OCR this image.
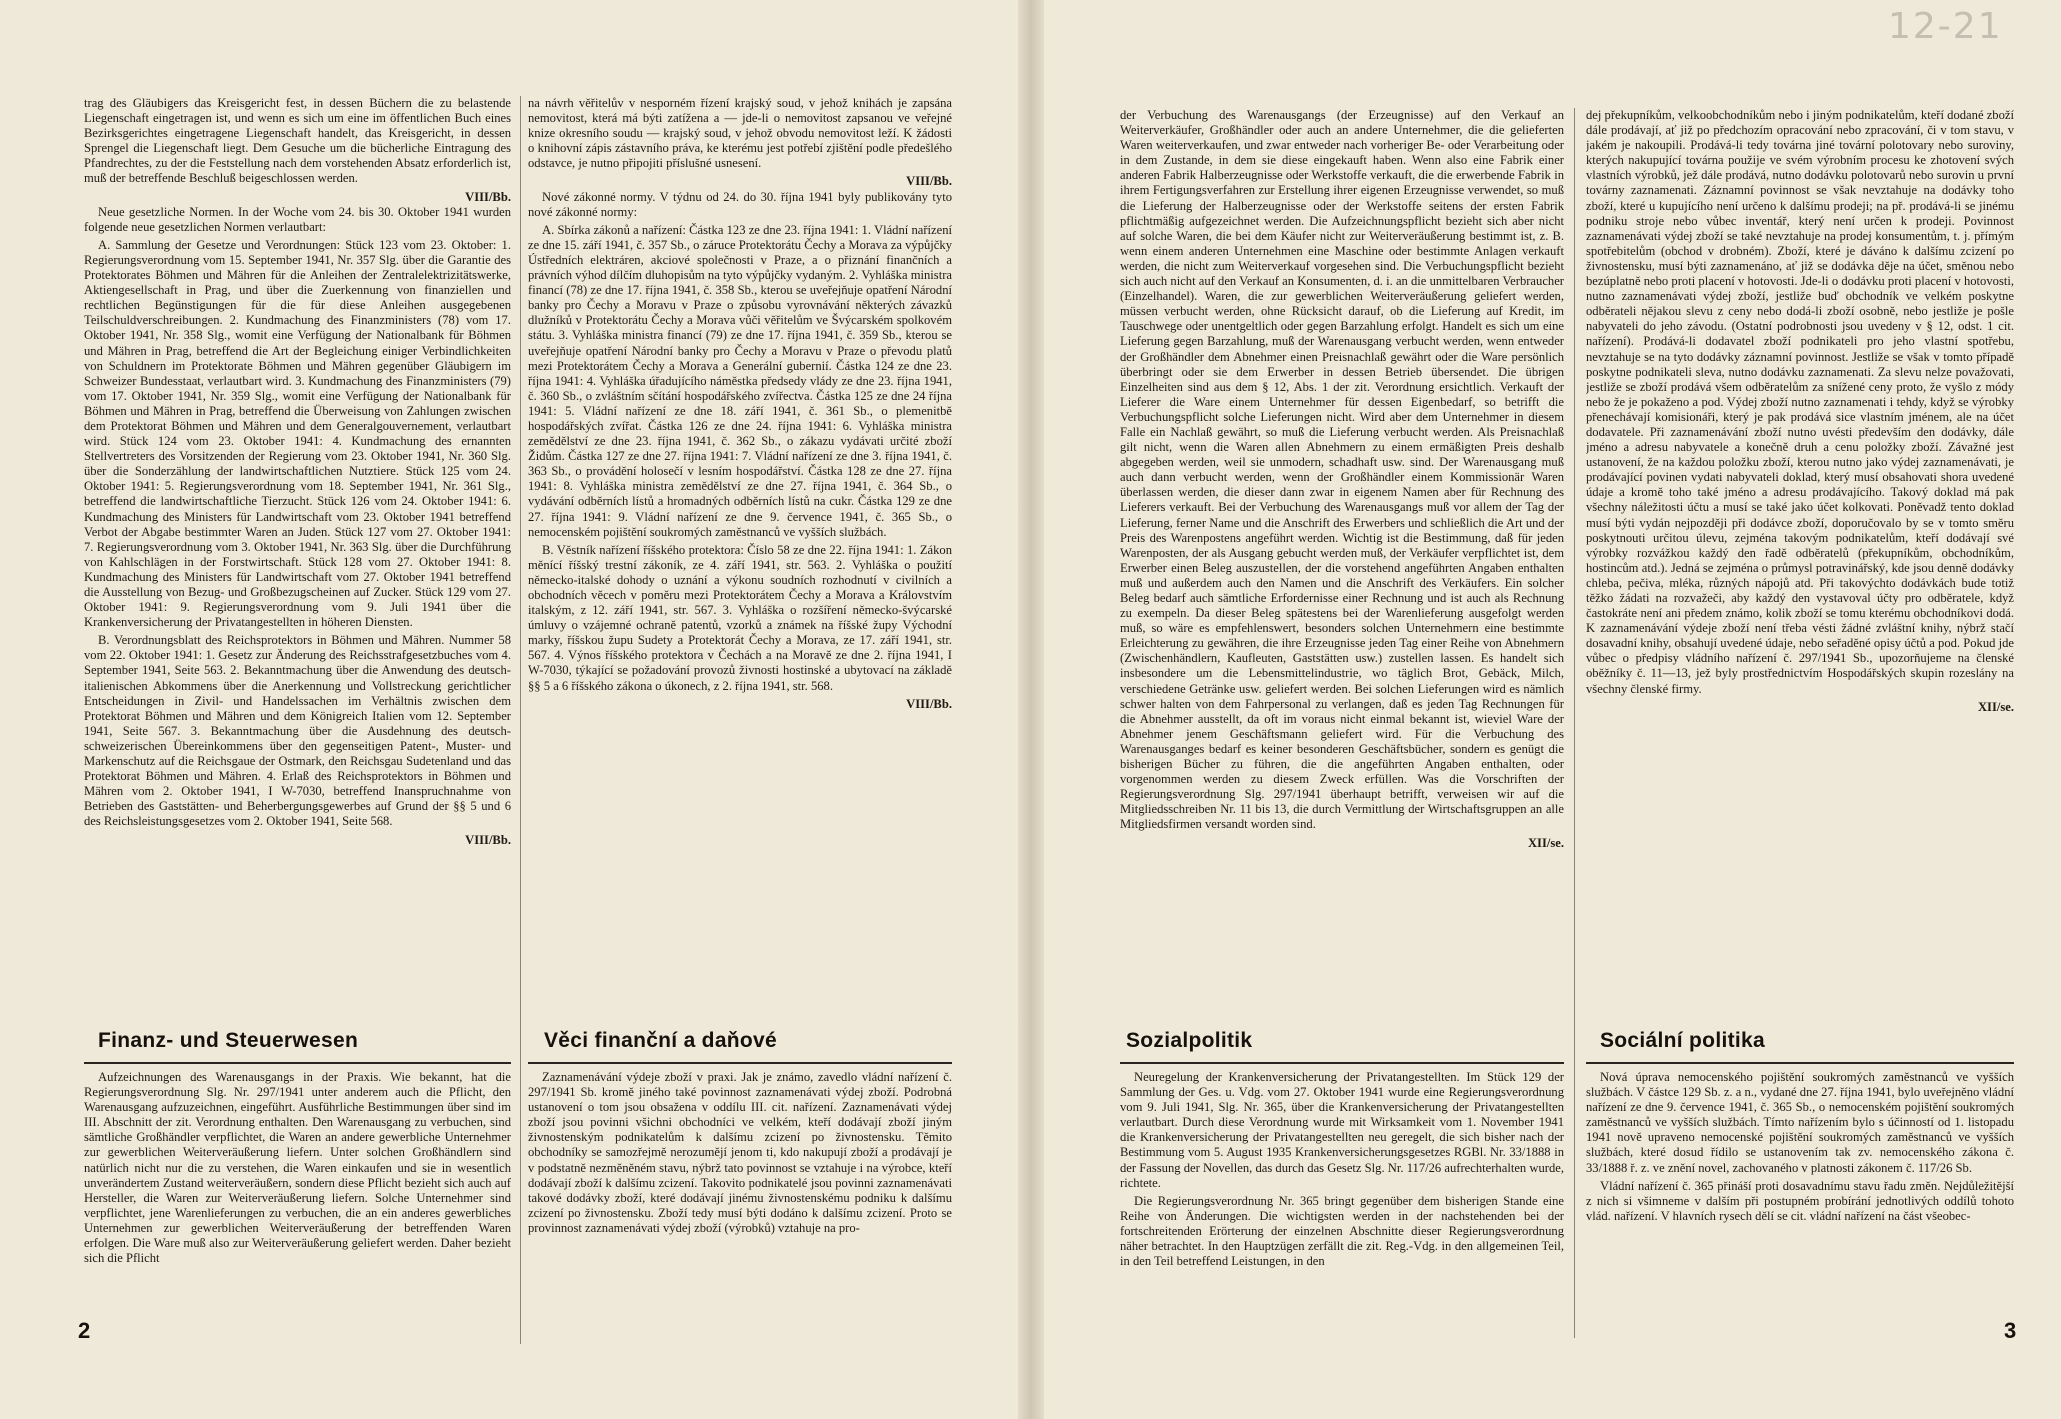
12-21

trag des Gläubigers das Kreisgericht fest, in dessen Büchern die zu belastende Liegenschaft eingetragen ist, und wenn es sich um eine im öffentlichen Buch eines Bezirksgerichtes eingetragene Liegenschaft handelt, das Kreisgericht, in dessen Sprengel die Liegenschaft liegt. Dem Gesuche um die bücherliche Eintragung des Pfandrechtes, zu der die Feststellung nach dem vorstehenden Absatz erforderlich ist, muß der betreffende Beschluß beigeschlossen werden.

VIII/Bb.

Neue gesetzliche Normen. In der Woche vom 24. bis 30. Oktober 1941 wurden folgende neue gesetzlichen Normen verlautbart:

A. Sammlung der Gesetze und Verordnungen: Stück 123 vom 23. Oktober: 1. Regierungsverordnung vom 15. September 1941, Nr. 357 Slg. über die Garantie des Protektorates Böhmen und Mähren für die Anleihen der Zentralelektrizitätswerke, Aktiengesellschaft in Prag, und über die Zuerkennung von finanziellen und rechtlichen Begünstigungen für die für diese Anleihen ausgegebenen Teilschuldverschreibungen. 2. Kundmachung des Finanzministers (78) vom 17. Oktober 1941, Nr. 358 Slg., womit eine Verfügung der Nationalbank für Böhmen und Mähren in Prag, betreffend die Art der Begleichung einiger Verbindlichkeiten von Schuldnern im Protektorate Böhmen und Mähren gegenüber Gläubigern im Schweizer Bundesstaat, verlautbart wird. 3. Kundmachung des Finanzministers (79) vom 17. Oktober 1941, Nr. 359 Slg., womit eine Verfügung der Nationalbank für Böhmen und Mähren in Prag, betreffend die Überweisung von Zahlungen zwischen dem Protektorat Böhmen und Mähren und dem Generalgouvernement, verlautbart wird. Stück 124 vom 23. Oktober 1941: 4. Kundmachung des ernannten Stellvertreters des Vorsitzenden der Regierung vom 23. Oktober 1941, Nr. 360 Slg. über die Sonderzählung der landwirtschaftlichen Nutztiere. Stück 125 vom 24. Oktober 1941: 5. Regierungsverordnung vom 18. September 1941, Nr. 361 Slg., betreffend die landwirtschaftliche Tierzucht. Stück 126 vom 24. Oktober 1941: 6. Kundmachung des Ministers für Landwirtschaft vom 23. Oktober 1941 betreffend Verbot der Abgabe bestimmter Waren an Juden. Stück 127 vom 27. Oktober 1941: 7. Regierungsverordnung vom 3. Oktober 1941, Nr. 363 Slg. über die Durchführung von Kahlschlägen in der Forstwirtschaft. Stück 128 vom 27. Oktober 1941: 8. Kundmachung des Ministers für Landwirtschaft vom 27. Oktober 1941 betreffend die Ausstellung von Bezug- und Großbezugscheinen auf Zucker. Stück 129 vom 27. Oktober 1941: 9. Regierungsverordnung vom 9. Juli 1941 über die Krankenversicherung der Privatangestellten in höheren Diensten.

B. Verordnungsblatt des Reichsprotektors in Böhmen und Mähren. Nummer 58 vom 22. Oktober 1941: 1. Gesetz zur Änderung des Reichsstrafgesetzbuches vom 4. September 1941, Seite 563. 2. Bekanntmachung über die Anwendung des deutsch-italienischen Abkommens über die Anerkennung und Vollstreckung gerichtlicher Entscheidungen in Zivil- und Handelssachen im Verhältnis zwischen dem Protektorat Böhmen und Mähren und dem Königreich Italien vom 12. September 1941, Seite 567. 3. Bekanntmachung über die Ausdehnung des deutsch-schweizerischen Übereinkommens über den gegenseitigen Patent-, Muster- und Markenschutz auf die Reichsgaue der Ostmark, den Reichsgau Sudetenland und das Protektorat Böhmen und Mähren. 4. Erlaß des Reichsprotektors in Böhmen und Mähren vom 2. Oktober 1941, I W-7030, betreffend Inanspruchnahme von Betrieben des Gaststätten- und Beherbergungsgewerbes auf Grund der §§ 5 und 6 des Reichsleistungsgesetzes vom 2. Oktober 1941, Seite 568.

VIII/Bb.

na návrh věřitelův v nesporném řízení krajský soud, v jehož knihách je zapsána nemovitost, která má býti zatížena a — jde-li o nemovitost zapsanou ve veřejné knize okresního soudu — krajský soud, v jehož obvodu nemovitost leží. K žádosti o knihovní zápis zástavního práva, ke kterému jest potřebí zjištění podle předešlého odstavce, je nutno připojiti příslušné usnesení.

VIII/Bb.

Nové zákonné normy. V týdnu od 24. do 30. října 1941 byly publikovány tyto nové zákonné normy:

A. Sbírka zákonů a nařízení: Částka 123 ze dne 23. října 1941: 1. Vládní nařízení ze dne 15. září 1941, č. 357 Sb., o záruce Protektorátu Čechy a Morava za výpůjčky Ústředních elektráren, akciové společnosti v Praze, a o přiznání finančních a právních výhod dílčím dluhopisům na tyto výpůjčky vydaným. 2. Vyhláška ministra financí (78) ze dne 17. října 1941, č. 358 Sb., kterou se uveřejňuje opatření Národní banky pro Čechy a Moravu v Praze o způsobu vyrovnávání některých závazků dlužníků v Protektorátu Čechy a Morava vůči věřitelům ve Švýcarském spolkovém státu. 3. Vyhláška ministra financí (79) ze dne 17. října 1941, č. 359 Sb., kterou se uveřejňuje opatření Národní banky pro Čechy a Moravu v Praze o převodu platů mezi Protektorátem Čechy a Morava a Generální gubernií. Částka 124 ze dne 23. října 1941: 4. Vyhláška úřadujícího náměstka předsedy vlády ze dne 23. října 1941, č. 360 Sb., o zvláštním sčítání hospodářského zvířectva. Částka 125 ze dne 24 října 1941: 5. Vládní nařízení ze dne 18. září 1941, č. 361 Sb., o plemenitbě hospodářských zvířat. Částka 126 ze dne 24. října 1941: 6. Vyhláška ministra zemědělství ze dne 23. října 1941, č. 362 Sb., o zákazu vydávati určité zboží Židům. Částka 127 ze dne 27. října 1941: 7. Vládní nařízení ze dne 3. října 1941, č. 363 Sb., o provádění holosečí v lesním hospodářství. Částka 128 ze dne 27. října 1941: 8. Vyhláška ministra zemědělství ze dne 27. října 1941, č. 364 Sb., o vydávání odběrních lístů a hromadných odběrních lístů na cukr. Částka 129 ze dne 27. října 1941: 9. Vládní nařízení ze dne 9. července 1941, č. 365 Sb., o nemocenském pojištění soukromých zaměstnanců ve vyšších službách.

B. Věstník nařízení říšského protektora: Číslo 58 ze dne 22. října 1941: 1. Zákon měnící říšský trestní zákoník, ze 4. září 1941, str. 563. 2. Vyhláška o použití německo-italské dohody o uznání a výkonu soudních rozhodnutí v civilních a obchodních věcech v poměru mezi Protektorátem Čechy a Morava a Královstvím italským, z 12. září 1941, str. 567. 3. Vyhláška o rozšíření německo-švýcarské úmluvy o vzájemné ochraně patentů, vzorků a známek na říšské župy Východní marky, říšskou župu Sudety a Protektorát Čechy a Morava, ze 17. září 1941, str. 567. 4. Výnos říšského protektora v Čechách a na Moravě ze dne 2. října 1941, I W-7030, týkající se požadování provozů živnosti hostinské a ubytovací na základě §§ 5 a 6 říšského zákona o úkonech, z 2. října 1941, str. 568.

VIII/Bb.
Finanz- und Steuerwesen	Věci finanční a daňové

Aufzeichnungen des Warenausgangs in der Praxis. Wie bekannt, hat die Regierungsverordnung Slg. Nr. 297/1941 unter anderem auch die Pflicht, den Warenausgang aufzuzeichnen, eingeführt. Ausführliche Bestimmungen über sind im III. Abschnitt der zit. Verordnung enthalten. Den Warenausgang zu verbuchen, sind sämtliche Großhändler verpflichtet, die Waren an andere gewerbliche Unternehmer zur gewerblichen Weiterveräußerung liefern. Unter solchen Großhändlern sind natürlich nicht nur die zu verstehen, die Waren einkaufen und sie in wesentlich unverändertem Zustand weiterveräußern, sondern diese Pflicht bezieht sich auch auf Hersteller, die Waren zur Weiterveräußerung liefern. Solche Unternehmer sind verpflichtet, jene Warenlieferungen zu verbuchen, die an ein anderes gewerbliches Unternehmen zur gewerblichen Weiterveräußerung der betreffenden Waren erfolgen. Die Ware muß also zur Weiterveräußerung geliefert werden. Daher bezieht sich die Pflicht

Zaznamenávání výdeje zboží v praxi. Jak je známo, zavedlo vládní nařízení č. 297/1941 Sb. kromě jiného také povinnost zaznamenávati výdej zboží. Podrobná ustanovení o tom jsou obsažena v oddílu III. cit. nařízení. Zaznamenávati výdej zboží jsou povinni všichni obchodníci ve velkém, kteří dodávají zboží jiným živnostenským podnikatelům k dalšímu zcizení po živnostensku. Těmito obchodníky se samozřejmě nerozumějí jenom ti, kdo nakupují zboží a prodávají je v podstatně nezměněném stavu, nýbrž tato povinnost se vztahuje i na výrobce, kteří dodávají zboží k dalšímu zcizení. Takovito podnikatelé jsou povinni zaznamenávati takové dodávky zboží, které dodávají jinému živnostenskému podniku k dalšímu zcizení po živnostensku. Zboží tedy musí býti dodáno k dalšímu zcizení. Proto se provinnost zaznamenávati výdej zboží (výrobků) vztahuje na pro-

2

der Verbuchung des Warenausgangs (der Erzeugnisse) auf den Verkauf an Weiterverkäufer, Großhändler oder auch an andere Unternehmer, die die gelieferten Waren weiterverkaufen, und zwar entweder nach vorheriger Be- oder Verarbeitung oder in dem Zustande, in dem sie diese eingekauft haben. Wenn also eine Fabrik einer anderen Fabrik Halberzeugnisse oder Werkstoffe verkauft, die die erwerbende Fabrik in ihrem Fertigungsverfahren zur Erstellung ihrer eigenen Erzeugnisse verwendet, so muß die Lieferung der Halberzeugnisse oder der Werkstoffe seitens der ersten Fabrik pflichtmäßig aufgezeichnet werden. Die Aufzeichnungspflicht bezieht sich aber nicht auf solche Waren, die bei dem Käufer nicht zur Weiterveräußerung bestimmt ist, z. B. wenn einem anderen Unternehmen eine Maschine oder bestimmte Anlagen verkauft werden, die nicht zum Weiterverkauf vorgesehen sind. Die Verbuchungspflicht bezieht sich auch nicht auf den Verkauf an Konsumenten, d. i. an die unmittelbaren Verbraucher (Einzelhandel). Waren, die zur gewerblichen Weiterveräußerung geliefert werden, müssen verbucht werden, ohne Rücksicht darauf, ob die Lieferung auf Kredit, im Tauschwege oder unentgeltlich oder gegen Barzahlung erfolgt. Handelt es sich um eine Lieferung gegen Barzahlung, muß der Warenausgang verbucht werden, wenn entweder der Großhändler dem Abnehmer einen Preisnachlaß gewährt oder die Ware persönlich überbringt oder sie dem Erwerber in dessen Betrieb übersendet. Die übrigen Einzelheiten sind aus dem § 12, Abs. 1 der zit. Verordnung ersichtlich. Verkauft der Lieferer die Ware einem Unternehmer für dessen Eigenbedarf, so betrifft die Verbuchungspflicht solche Lieferungen nicht. Wird aber dem Unternehmer in diesem Falle ein Nachlaß gewährt, so muß die Lieferung verbucht werden. Als Preisnachlaß gilt nicht, wenn die Waren allen Abnehmern zu einem ermäßigten Preis deshalb abgegeben werden, weil sie unmodern, schadhaft usw. sind. Der Warenausgang muß auch dann verbucht werden, wenn der Großhändler einem Kommissionär Waren überlassen werden, die dieser dann zwar in eigenem Namen aber für Rechnung des Lieferers verkauft. Bei der Verbuchung des Warenausgangs muß vor allem der Tag der Lieferung, ferner Name und die Anschrift des Erwerbers und schließlich die Art und der Preis des Warenpostens angeführt werden. Wichtig ist die Bestimmung, daß für jeden Warenposten, der als Ausgang gebucht werden muß, der Verkäufer verpflichtet ist, dem Erwerber einen Beleg auszustellen, der die vorstehend angeführten Angaben enthalten muß und außerdem auch den Namen und die Anschrift des Verkäufers. Ein solcher Beleg bedarf auch sämtliche Erfordernisse einer Rechnung und ist auch als Rechnung zu exempeln. Da dieser Beleg spätestens bei der Warenlieferung ausgefolgt werden muß, so wäre es empfehlenswert, besonders solchen Unternehmern eine bestimmte Erleichterung zu gewähren, die ihre Erzeugnisse jeden Tag einer Reihe von Abnehmern (Zwischenhändlern, Kaufleuten, Gaststätten usw.) zustellen lassen. Es handelt sich insbesondere um die Lebensmittelindustrie, wo täglich Brot, Gebäck, Milch, verschiedene Getränke usw. geliefert werden. Bei solchen Lieferungen wird es nämlich schwer halten von dem Fahrpersonal zu verlangen, daß es jeden Tag Rechnungen für die Abnehmer ausstellt, da oft im voraus nicht einmal bekannt ist, wieviel Ware der Abnehmer jenem Geschäftsmann geliefert wird. Für die Verbuchung des Warenausganges bedarf es keiner besonderen Geschäftsbücher, sondern es genügt die bisherigen Bücher zu führen, die die angeführten Angaben enthalten, oder vorgenommen werden zu diesem Zweck erfüllen. Was die Vorschriften der Regierungsverordnung Slg. 297/1941 überhaupt betrifft, verweisen wir auf die Mitgliedsschreiben Nr. 11 bis 13, die durch Vermittlung der Wirtschaftsgruppen an alle Mitgliedsfirmen versandt worden sind.

XII/se.

dej překupníkům, velkoobchodníkům nebo i jiným podnikatelům, kteří dodané zboží dále prodávají, ať již po předchozím opracování nebo zpracování, či v tom stavu, v jakém je nakoupili. Prodává-li tedy továrna jiné tovární polotovary nebo suroviny, kterých nakupující továrna použije ve svém výrobním procesu ke zhotovení svých vlastních výrobků, jež dále prodává, nutno dodávku polotovarů nebo surovin u první továrny zaznamenati. Záznamní povinnost se však nevztahuje na dodávky toho zboží, které u kupujícího není určeno k dalšímu prodeji; na př. prodává-li se jinému podniku stroje nebo vůbec inventář, který není určen k prodeji. Povinnost zaznamenávati výdej zboží se také nevztahuje na prodej konsumentům, t. j. přímým spotřebitelům (obchod v drobném). Zboží, které je dáváno k dalšímu zcizení po živnostensku, musí býti zaznamenáno, ať již se dodávka děje na účet, směnou nebo bezúplatně nebo proti placení v hotovosti. Jde-li o dodávku proti placení v hotovosti, nutno zaznamenávati výdej zboží, jestliže buď obchodník ve velkém poskytne odběrateli nějakou slevu z ceny nebo dodá-li zboží osobně, nebo jestliže je pošle nabyvateli do jeho závodu. (Ostatní podrobnosti jsou uvedeny v § 12, odst. 1 cit. nařízení). Prodává-li dodavatel zboží podnikateli pro jeho vlastní spotřebu, nevztahuje se na tyto dodávky záznamní povinnost. Jestliže se však v tomto případě poskytne podnikateli sleva, nutno dodávku zaznamenati. Za slevu nelze považovati, jestliže se zboží prodává všem odběratelům za snížené ceny proto, že vyšlo z módy nebo že je pokaženo a pod. Výdej zboží nutno zaznamenati i tehdy, když se výrobky přenechávají komisionáři, který je pak prodává sice vlastním jménem, ale na účet dodavatele. Při zaznamenávání zboží nutno uvésti především den dodávky, dále jméno a adresu nabyvatele a konečně druh a cenu položky zboží. Závažné jest ustanovení, že na každou položku zboží, kterou nutno jako výdej zaznamenávati, je prodávající povinen vydati nabyvateli doklad, který musí obsahovati shora uvedené údaje a kromě toho také jméno a adresu prodávajícího. Takový doklad má pak všechny náležitosti účtu a musí se také jako účet kolkovati. Poněvadž tento doklad musí býti vydán nejpozději při dodávce zboží, doporučovalo by se v tomto směru poskytnouti určitou úlevu, zejména takovým podnikatelům, kteří dodávají své výrobky rozvážkou každý den řadě odběratelů (překupníkům, obchodníkům, hostincům atd.). Jedná se zejména o průmysl potravinářský, kde jsou denně dodávky chleba, pečiva, mléka, různých nápojů atd. Při takovýchto dodávkách bude totiž těžko žádati na rozvažeči, aby každý den vystavoval účty pro odběratele, když častokráte není ani předem známo, kolik zboží se tomu kterému obchodníkovi dodá. K zaznamenávání výdeje zboží není třeba vésti žádné zvláštní knihy, nýbrž stačí dosavadní knihy, obsahují uvedené údaje, nebo seřaděné opisy účtů a pod. Pokud jde vůbec o předpisy vládního nařízení č. 297/1941 Sb., upozorňujeme na členské oběžníky č. 11—13, jež byly prostřednictvím Hospodářských skupin rozeslány na všechny členské firmy.

XII/se.
Sozialpolitik	Sociální politika

Neuregelung der Krankenversicherung der Privatangestellten. Im Stück 129 der Sammlung der Ges. u. Vdg. vom 27. Oktober 1941 wurde eine Regierungsverordnung vom 9. Juli 1941, Slg. Nr. 365, über die Krankenversicherung der Privatangestellten verlautbart. Durch diese Verordnung wurde mit Wirksamkeit vom 1. November 1941 die Krankenversicherung der Privatangestellten neu geregelt, die sich bisher nach der Bestimmung vom 5. August 1935 Krankenversicherungsgesetzes RGBl. Nr. 33/1888 in der Fassung der Novellen, das durch das Gesetz Slg. Nr. 117/26 aufrechterhalten wurde, richtete.

Die Regierungsverordnung Nr. 365 bringt gegenüber dem bisherigen Stande eine Reihe von Änderungen. Die wichtigsten werden in der nachstehenden bei der fortschreitenden Erörterung der einzelnen Abschnitte dieser Regierungsverordnung näher betrachtet. In den Hauptzügen zerfällt die zit. Reg.-Vdg. in den allgemeinen Teil, in den Teil betreffend Leistungen, in den

Nová úprava nemocenského pojištění soukromých zaměstnanců ve vyšších službách. V částce 129 Sb. z. a n., vydané dne 27. října 1941, bylo uveřejněno vládní nařízení ze dne 9. července 1941, č. 365 Sb., o nemocenském pojištění soukromých zaměstnanců ve vyšších službách. Tímto nařízením bylo s účinností od 1. listopadu 1941 nově upraveno nemocenské pojištění soukromých zaměstnanců ve vyšších službách, které dosud řídilo se ustanovením tak zv. nemocenského zákona č. 33/1888 ř. z. ve znění novel, zachovaného v platnosti zákonem č. 117/26 Sb.

Vládní nařízení č. 365 přináší proti dosavadnímu stavu řadu změn. Nejdůležitější z nich si všimneme v dalším při postupném probírání jednotlivých oddílů tohoto vlád. nařízení. V hlavních rysech dělí se cit. vládní nařízení na část všeobec-

3
